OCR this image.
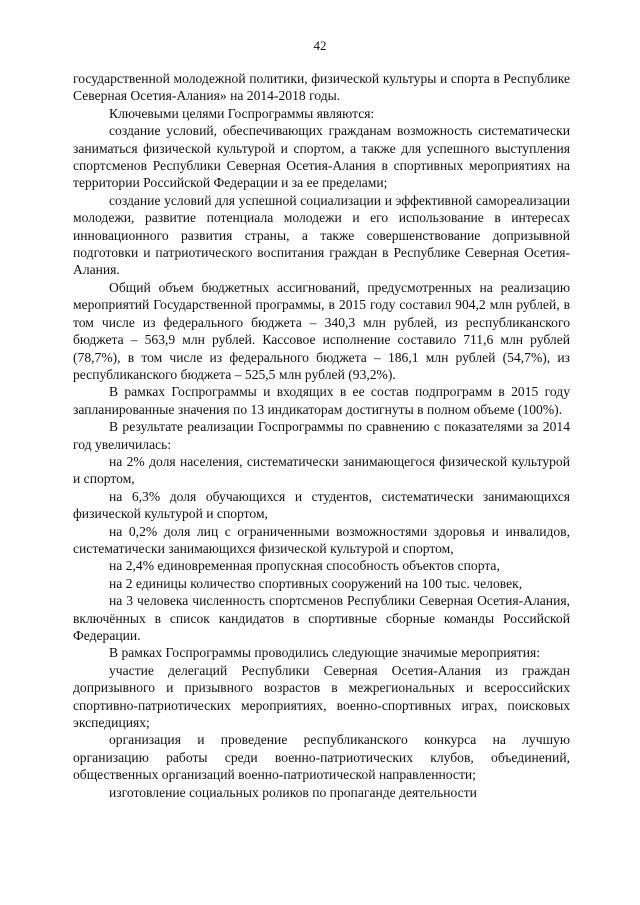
42

государственной молодежной политики, физической культуры и спорта в Республике Северная Осетия-Алания» на 2014-2018 годы.

Ключевыми целями Госпрограммы являются:

создание условий, обеспечивающих гражданам возможность систематически заниматься физической культурой и спортом, а также для успешного выступления спортсменов Республики Северная Осетия-Алания в спортивных мероприятиях на территории Российской Федерации и за ее пределами;

создание условий для успешной социализации и эффективной самореализации молодежи, развитие потенциала молодежи и его использование в интересах инновационного развития страны, а также совершенствование допризывной подготовки и патриотического воспитания граждан в Республике Северная Осетия-Алания.

Общий объем бюджетных ассигнований, предусмотренных на реализацию мероприятий Государственной программы, в 2015 году составил 904,2 млн рублей, в том числе из федерального бюджета – 340,3 млн рублей, из республиканского бюджета – 563,9 млн рублей. Кассовое исполнение составило 711,6 млн рублей (78,7%), в том числе из федерального бюджета – 186,1 млн рублей (54,7%), из республиканского бюджета – 525,5 млн рублей (93,2%).

В рамках Госпрограммы и входящих в ее состав подпрограмм в 2015 году запланированные значения по 13 индикаторам достигнуты в полном объеме (100%).

В результате реализации Госпрограммы по сравнению с показателями за 2014 год увеличилась:

на 2% доля населения, систематически занимающегося физической культурой и спортом,

на 6,3% доля обучающихся и студентов, систематически занимающихся физической культурой и спортом,

на 0,2% доля лиц с ограниченными возможностями здоровья и инвалидов, систематически занимающихся физической культурой и спортом,

на 2,4% единовременная пропускная способность объектов спорта,

на 2 единицы количество спортивных сооружений на 100 тыс. человек,

на 3 человека численность спортсменов Республики Северная Осетия-Алания, включённых в список кандидатов в спортивные сборные команды Российской Федерации.

В рамках Госпрограммы проводились следующие значимые мероприятия:

участие делегаций Республики Северная Осетия-Алания из граждан допризывного и призывного возрастов в межрегиональных и всероссийских спортивно-патриотических мероприятиях, военно-спортивных играх, поисковых экспедициях;

организация и проведение республиканского конкурса на лучшую организацию работы среди военно-патриотических клубов, объединений, общественных организаций военно-патриотической направленности;

изготовление социальных роликов по пропаганде деятельности
